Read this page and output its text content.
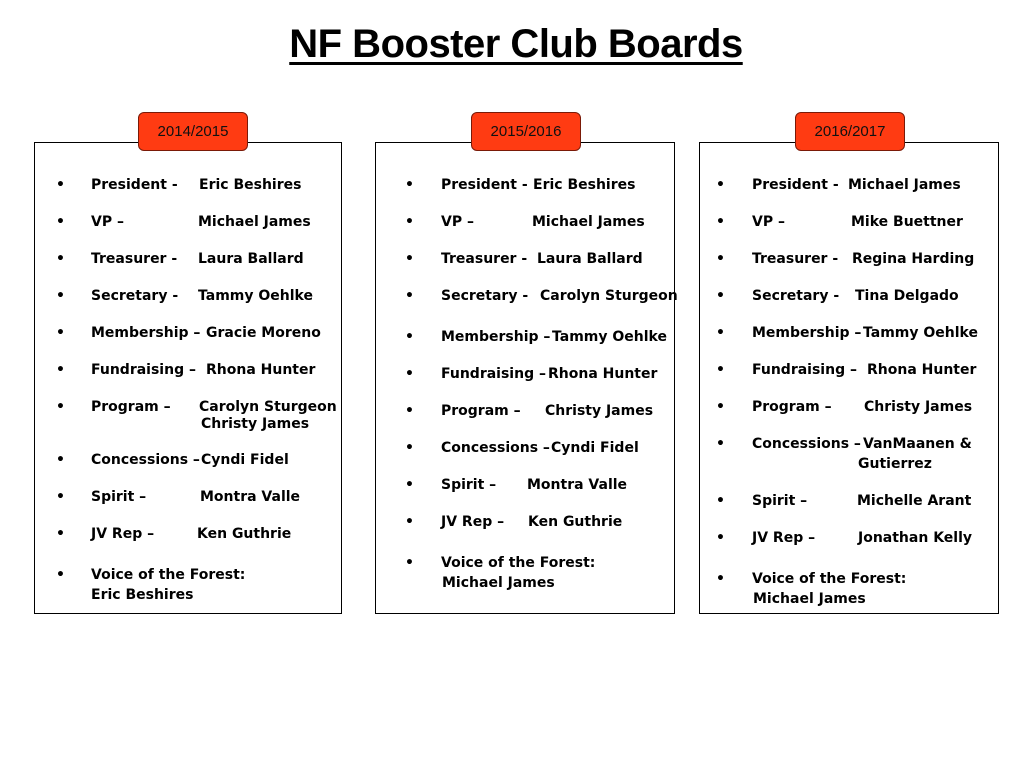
NF Booster Club Boards
2014/2015	2015/2016	2016/2017
• President - Eric Beshires
• VP –	Michael James
• Treasurer - Laura Ballard
• Secretary - Tammy Oehlke
• Membership – Gracie Moreno
• Fundraising – Rhona Hunter
• Program – Carolyn Sturgeon
Christy James
• Concessions – Cyndi Fidel
• Spirit –	Montra Valle
• JV Rep –	Ken Guthrie
• Voice of the Forest:
Eric Beshires
• President - Eric Beshires
• VP –	Michael James
• Treasurer - Laura Ballard
• Secretary - Carolyn Sturgeon
• Membership – Tammy Oehlke
• Fundraising – Rhona Hunter
• Program – Christy James
• Concessions – Cyndi Fidel
• Spirit – Montra Valle
• JV Rep – Ken Guthrie
• Voice of the Forest:
Michael James
• President - Michael James
• VP –	Mike Buettner
• Treasurer - Regina Harding
• Secretary - Tina Delgado
• Membership – Tammy Oehlke
• Fundraising – Rhona Hunter
• Program – Christy James
• Concessions – VanMaanen &
Gutierrez
• Spirit –	Michelle Arant
• JV Rep –	Jonathan Kelly
• Voice of the Forest:
Michael James
